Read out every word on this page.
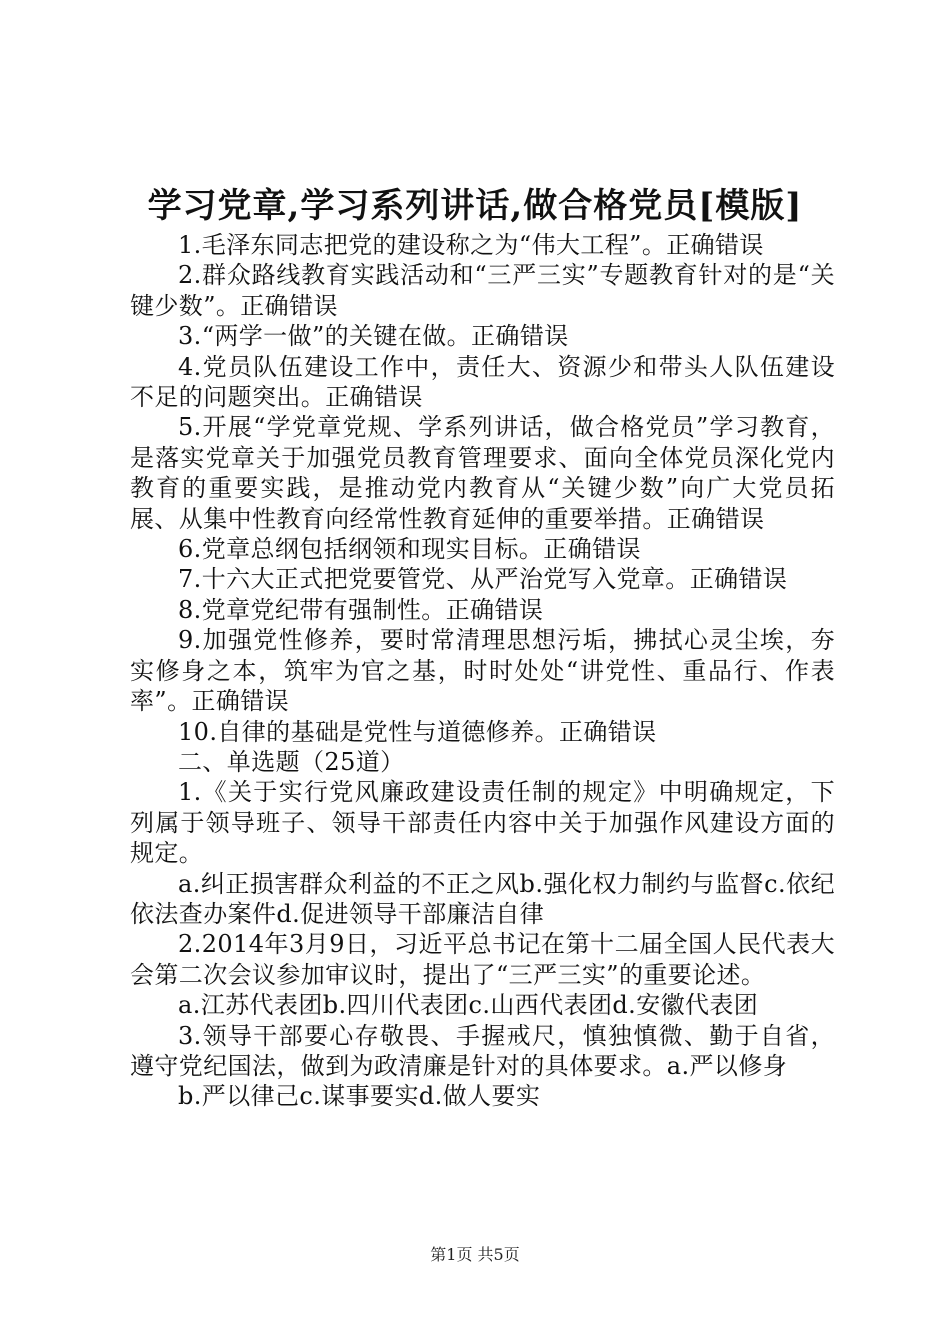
学习党章,学习系列讲话,做合格党员[模版]

1.毛泽东同志把党的建设称之为“伟大工程”。正确错误

2.群众路线教育实践活动和“三严三实”专题教育针对的是“关键少数”。正确错误

3.“两学一做”的关键在做。正确错误

4.党员队伍建设工作中，责任大、资源少和带头人队伍建设不足的问题突出。正确错误

5.开展“学党章党规、学系列讲话，做合格党员”学习教育，是落实党章关于加强党员教育管理要求、面向全体党员深化党内教育的重要实践，是推动党内教育从“关键少数”向广大党员拓展、从集中性教育向经常性教育延伸的重要举措。正确错误

6.党章总纲包括纲领和现实目标。正确错误

7.十六大正式把党要管党、从严治党写入党章。正确错误

8.党章党纪带有强制性。正确错误

9.加强党性修养，要时常清理思想污垢，拂拭心灵尘埃，夯实修身之本，筑牢为官之基，时时处处“讲党性、重品行、作表率”。正确错误

10.自律的基础是党性与道德修养。正确错误

二、单选题（25道）

1.《关于实行党风廉政建设责任制的规定》中明确规定，下列属于领导班子、领导干部责任内容中关于加强作风建设方面的规定。

a.纠正损害群众利益的不正之风b.强化权力制约与监督c.依纪依法查办案件d.促进领导干部廉洁自律

2.2014年3月9日，习近平总书记在第十二届全国人民代表大会第二次会议参加审议时，提出了“三严三实”的重要论述。

a.江苏代表团b.四川代表团c.山西代表团d.安徽代表团

3.领导干部要心存敬畏、手握戒尺，慎独慎微、勤于自省，遵守党纪国法，做到为政清廉是针对的具体要求。a.严以修身

b.严以律己c.谋事要实d.做人要实

第1页 共5页
